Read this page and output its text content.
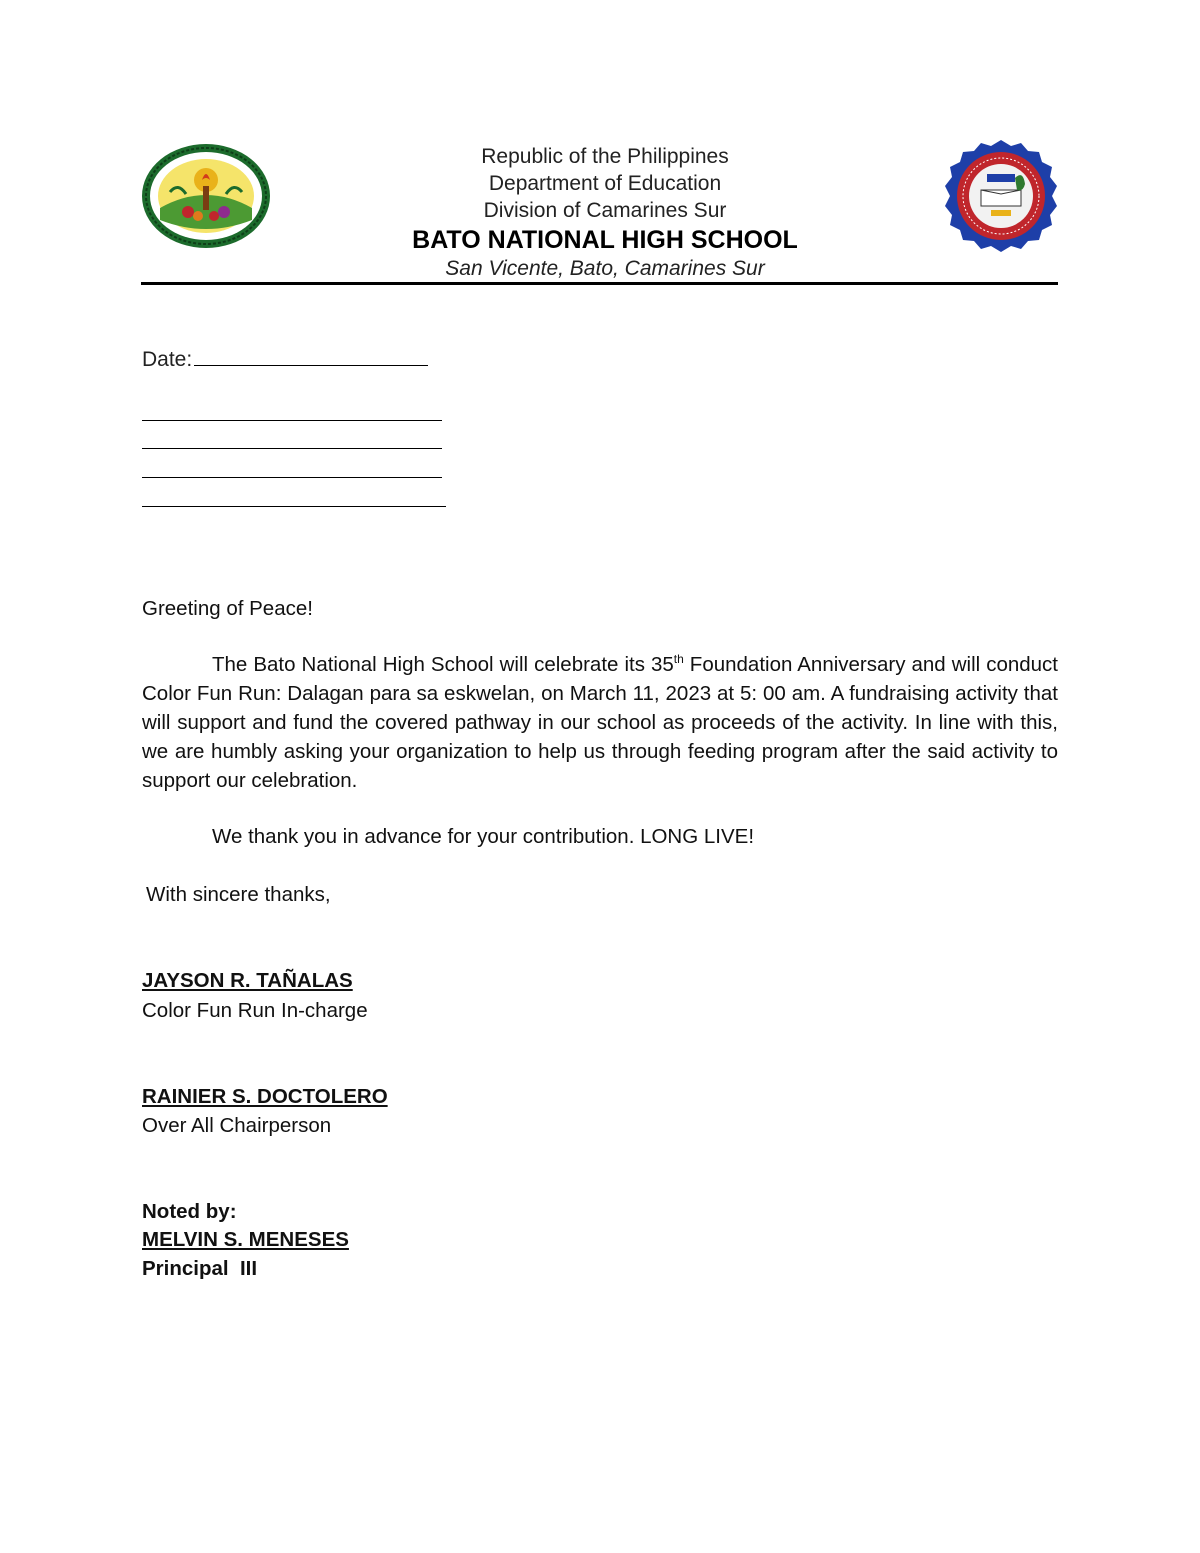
Republic of the Philippines
Department of Education
Division of Camarines Sur
BATO NATIONAL HIGH SCHOOL
San Vicente, Bato, Camarines Sur
Date:
Greeting of Peace!
The Bato National High School will celebrate its 35th Foundation Anniversary and will conduct Color Fun Run: Dalagan para sa eskwelan, on March 11, 2023 at 5: 00 am. A fundraising activity that will support and fund the covered pathway in our school as proceeds of the activity. In line with this, we are humbly asking your organization to help us through feeding program after the said activity to support our celebration.
We thank you in advance for your contribution. LONG LIVE!
With sincere thanks,
JAYSON R. TAÑALAS
Color Fun Run In-charge
RAINIER S. DOCTOLERO
Over All Chairperson
Noted by:
MELVIN S. MENESES
Principal  III
